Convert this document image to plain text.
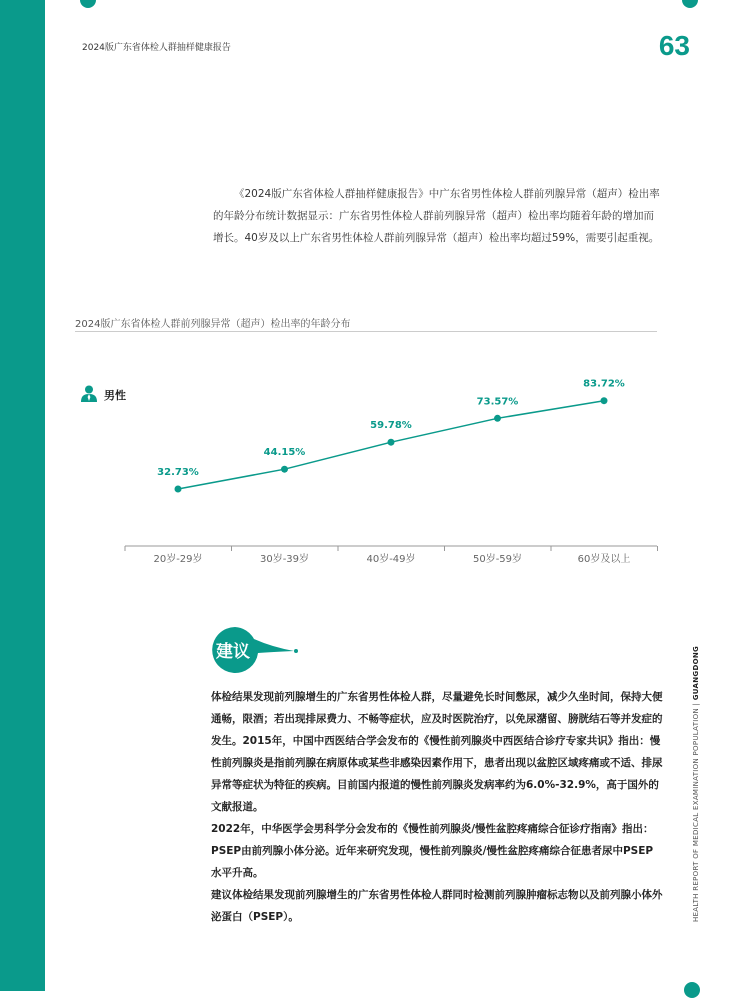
2024版广东省体检人群抽样健康报告	63

《2024版广东省体检人群抽样健康报告》中广东省男性体检人群前列腺异常（超声）检出率的年龄分布统计数据显示：广东省男性体检人群前列腺异常（超声）检出率均随着年龄的增加而增长。40岁及以上广东省男性体检人群前列腺异常（超声）检出率均超过59%，需要引起重视。

2024版广东省体检人群前列腺异常（超声）检出率的年龄分布
男性
32.73%
44.15%
59.78%
73.57%
83.72%
20岁-29岁	30岁-39岁	40岁-49岁	50岁-59岁	60岁及以上
建议

体检结果发现前列腺增生的广东省男性体检人群，尽量避免长时间憋尿，减少久坐时间，保持大便通畅，限酒；若出现排尿费力、不畅等症状，应及时医院治疗，以免尿潴留、膀胱结石等并发症的发生。2015年，中国中西医结合学会发布的《慢性前列腺炎中西医结合诊疗专家共识》指出：慢性前列腺炎是指前列腺在病原体或某些非感染因素作用下，患者出现以盆腔区域疼痛或不适、排尿异常等症状为特征的疾病。目前国内报道的慢性前列腺炎发病率约为6.0%-32.9%，高于国外的文献报道。

2022年，中华医学会男科学分会发布的《慢性前列腺炎/慢性盆腔疼痛综合征诊疗指南》指出：PSEP由前列腺小体分泌。近年来研究发现，慢性前列腺炎/慢性盆腔疼痛综合征患者尿中PSEP 水平升高。

建议体检结果发现前列腺增生的广东省男性体检人群同时检测前列腺肿瘤标志物以及前列腺小体外泌蛋白（PSEP）。	HEALTH REPORT OF MEDICAL EXAMINATION POPULATION | GUANGDONG
